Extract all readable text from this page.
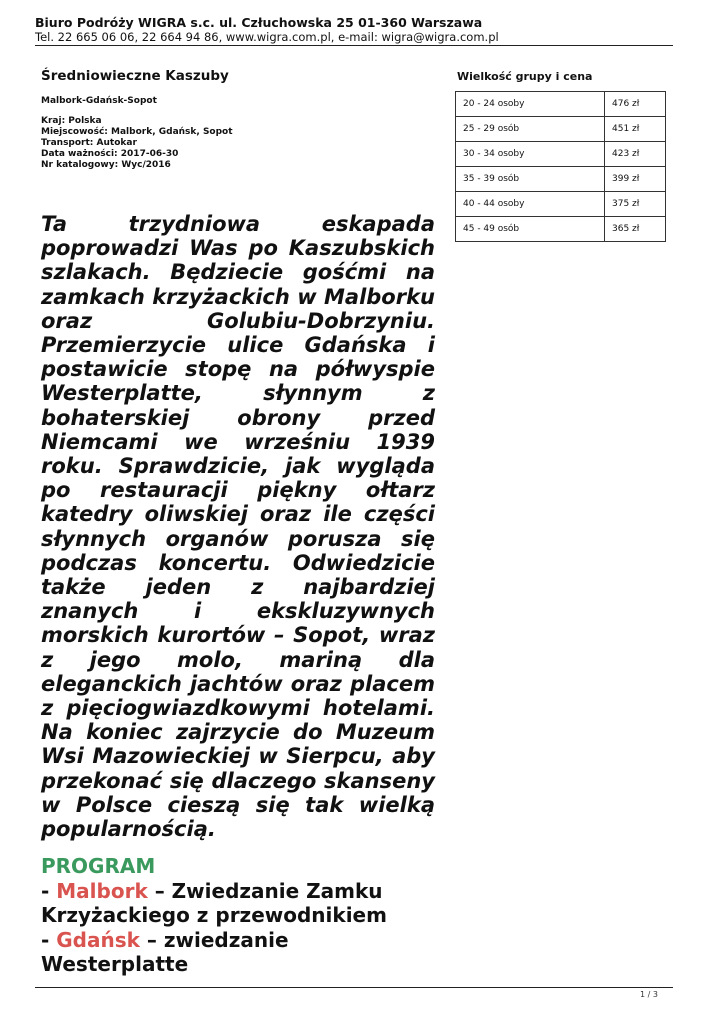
Biuro Podróży WIGRA s.c. ul. Człuchowska 25 01-360 Warszawa
Tel. 22 665 06 06, 22 664 94 86, www.wigra.com.pl, e-mail: wigra@wigra.com.pl
Średniowieczne Kaszuby
Malbork-Gdańsk-Sopot
Kraj: Polska
Miejscowość: Malbork, Gdańsk, Sopot
Transport: Autokar
Data ważności: 2017-06-30
Nr katalogowy: Wyc/2016
Ta trzydniowa eskapada poprowadzi Was po Kaszubskich szlakach. Będziecie gośćmi na zamkach krzyżackich w Malborku oraz Golubiu-Dobrzyniu. Przemierzycie ulice Gdańska i postawicie stopę na półwyspie Westerplatte, słynnym z bohaterskiej obrony przed Niemcami we wrześniu 1939 roku. Sprawdzicie, jak wygląda po restauracji piękny ołtarz katedry oliwskiej oraz ile części słynnych organów porusza się podczas koncertu. Odwiedzicie także jeden z najbardziej znanych i ekskluzywnych morskich kurortów – Sopot, wraz z jego molo, mariną dla eleganckich jachtów oraz placem z pięciogwiazdkowymi hotelami. Na koniec zajrzycie do Muzeum Wsi Mazowieckiej w Sierpcu, aby przekonać się dlaczego skanseny w Polsce cieszą się tak wielką popularnością.
PROGRAM
- Malbork – Zwiedzanie Zamku Krzyżackiego z przewodnikiem
- Gdańsk – zwiedzanie Westerplatte
Wielkość grupy i cena
20 - 24 osoby	476 zł
25 - 29 osób	451 zł
30 - 34 osoby	423 zł
35 - 39 osób	399 zł
40 - 44 osoby	375 zł
45 - 49 osób	365 zł
1 / 3
